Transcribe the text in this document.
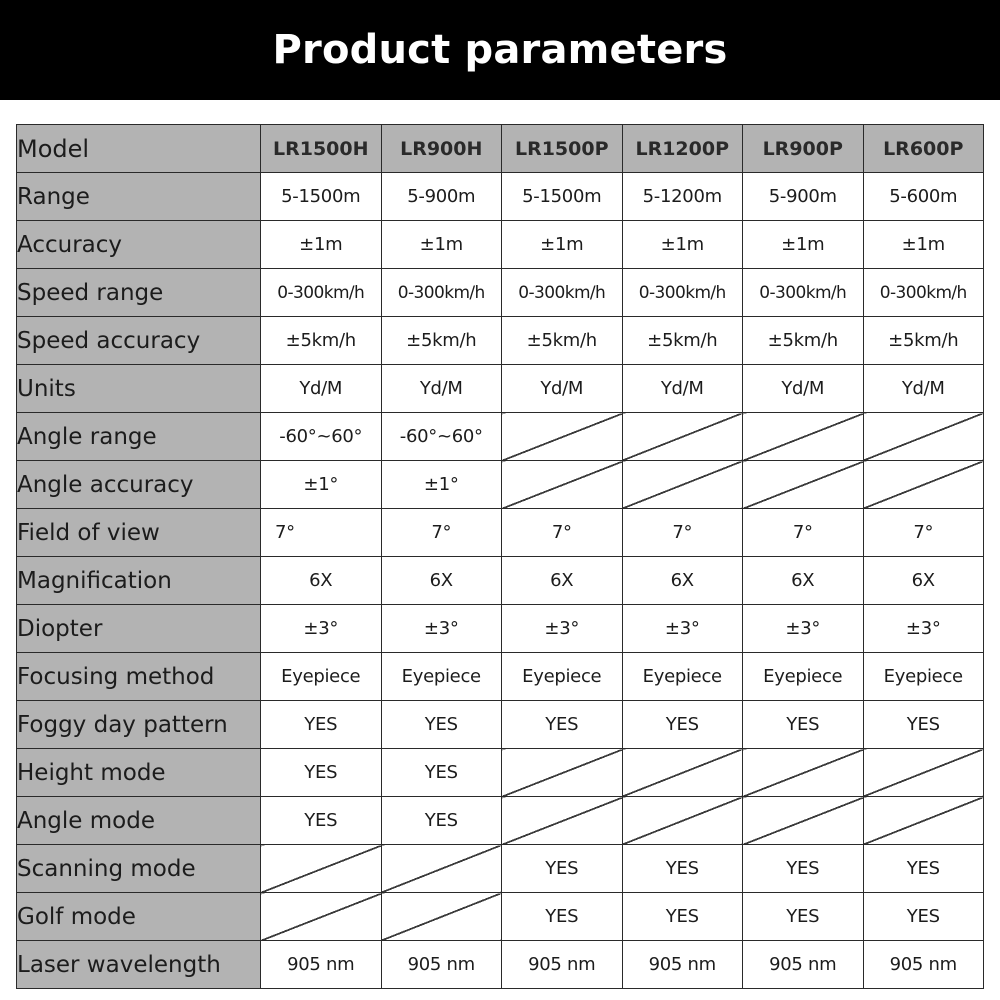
Product parameters
Model	LR1500H	LR900H	LR1500P	LR1200P	LR900P	LR600P
Range	5-1500m	5-900m	5-1500m	5-1200m	5-900m	5-600m
Accuracy	±1m	±1m	±1m	±1m	±1m	±1m
Speed range	0-300km/h	0-300km/h	0-300km/h	0-300km/h	0-300km/h	0-300km/h
Speed accuracy	±5km/h	±5km/h	±5km/h	±5km/h	±5km/h	±5km/h
Units	Yd/M	Yd/M	Yd/M	Yd/M	Yd/M	Yd/M
Angle range	-60°~60°	-60°~60°				
Angle accuracy	±1°	±1°				
Field of view	7°	7°	7°	7°	7°	7°
Magnification	6X	6X	6X	6X	6X	6X
Diopter	±3°	±3°	±3°	±3°	±3°	±3°
Focusing method	Eyepiece	Eyepiece	Eyepiece	Eyepiece	Eyepiece	Eyepiece
Foggy day pattern	YES	YES	YES	YES	YES	YES
Height mode	YES	YES				
Angle mode	YES	YES				
Scanning mode			YES	YES	YES	YES
Golf mode			YES	YES	YES	YES
Laser wavelength	905 nm	905 nm	905 nm	905 nm	905 nm	905 nm
